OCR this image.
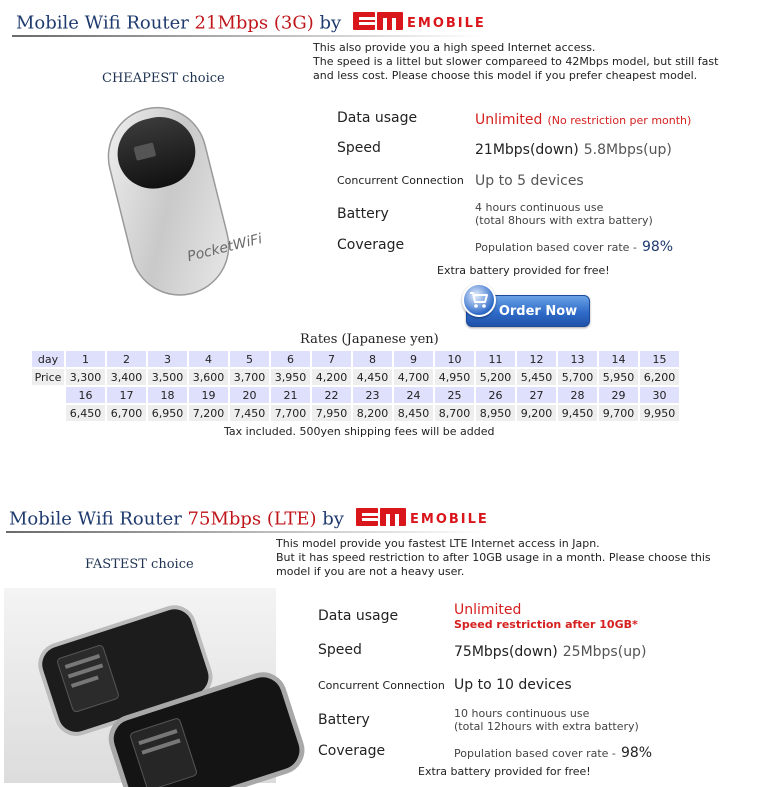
Mobile Wifi Router 21Mbps (3G) by	EMOBILE
This also provide you a high speed Internet access.
The speed is a littel but slower compareed to 42Mbps model, but still fast
and less cost. Please choose this model if you prefer cheapest model.
CHEAPEST choice
PocketWiFi
Data usage	Unlimited (No restriction per month)
Speed	21Mbps(down) 5.8Mbps(up)
Concurrent Connection	Up to 5 devices
Battery	4 hours continuous use
(total 8hours with extra battery)

Coverage	Population based cover rate - 98%
Extra battery provided for free!
Order Now
Rates (Japanese yen)
day	1	2	3	4	5	6	7	8	9	10	11	12	13	14	15
Price	3,300	3,400	3,500	3,600	3,700	3,950	4,200	4,450	4,700	4,950	5,200	5,450	5,700	5,950	6,200
	16	17	18	19	20	21	22	23	24	25	26	27	28	29	30
	6,450	6,700	6,950	7,200	7,450	7,700	7,950	8,200	8,450	8,700	8,950	9,200	9,450	9,700	9,950
Tax included. 500yen shipping fees will be added
Mobile Wifi Router 75Mbps (LTE) by	EMOBILE
This model provide you fastest LTE Internet access in Japn.
But it has speed restriction to after 10GB usage in a month. Please choose this
model if you are not a heavy user.
FASTEST choice
Data usage	Unlimited
Speed restriction after 10GB*

Speed	75Mbps(down) 25Mbps(up)
Concurrent Connection	Up to 10 devices
Battery	10 hours continuous use
(total 12hours with extra battery)

Coverage	Population based cover rate - 98%
Extra battery provided for free!
